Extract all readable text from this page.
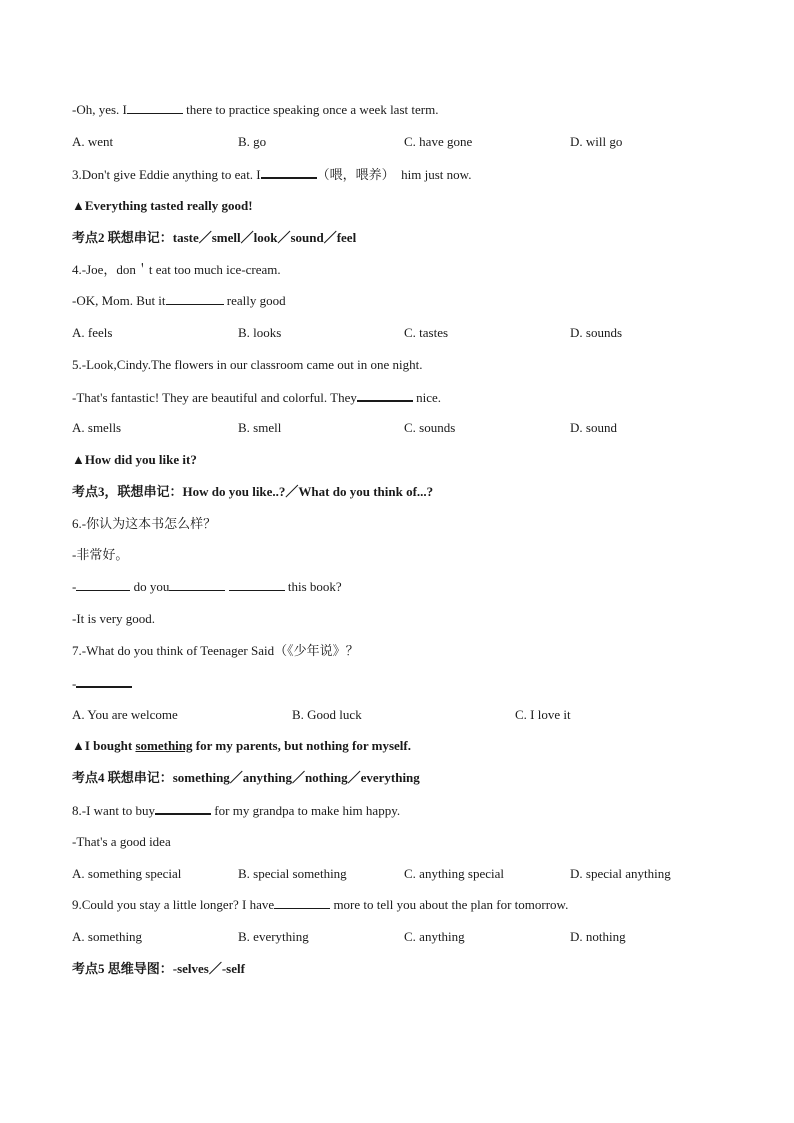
-Oh, yes. I	there to practice speaking once a week last term.
A. went	B. go	C. have gone	D. will go
3.Don't give Eddie anything to eat. I	（喂，喂养） him just now.
▲Everything tasted really good!
考点2 联想串记：taste／smell／look／sound／feel
4.-Joe，don＇t eat too much ice-cream.
-OK, Mom. But it	really good
A. feels	B. looks	C. tastes	D. sounds
5.-Look,Cindy.The flowers in our classroom came out in one night.
-That's fantastic! They are beautiful and colorful. They	nice.
A. smells	B. smell	C. sounds	D. sound
▲How did you like it?
考点3，联想串记：How do you like..?／What do you think of...?
6.-你认为这本书怎么样？
-非常好。
-	do you	this book?
-It is very good.
7.-What do you think of Teenager Said（《少年说》？
-
A. You are welcome	B. Good luck	C. I love it
▲I bought something for my parents, but nothing for myself.
考点4 联想串记：something／anything／nothing／everything
8.-I want to buy	for my grandpa to make him happy.
-That's a good idea
A. something special	B. special something	C. anything special	D. special anything
9.Could you stay a little longer? I have	more to tell you about the plan for tomorrow.
A. something	B. everything	C. anything	D. nothing
考点5 思维导图：-selves／-self
